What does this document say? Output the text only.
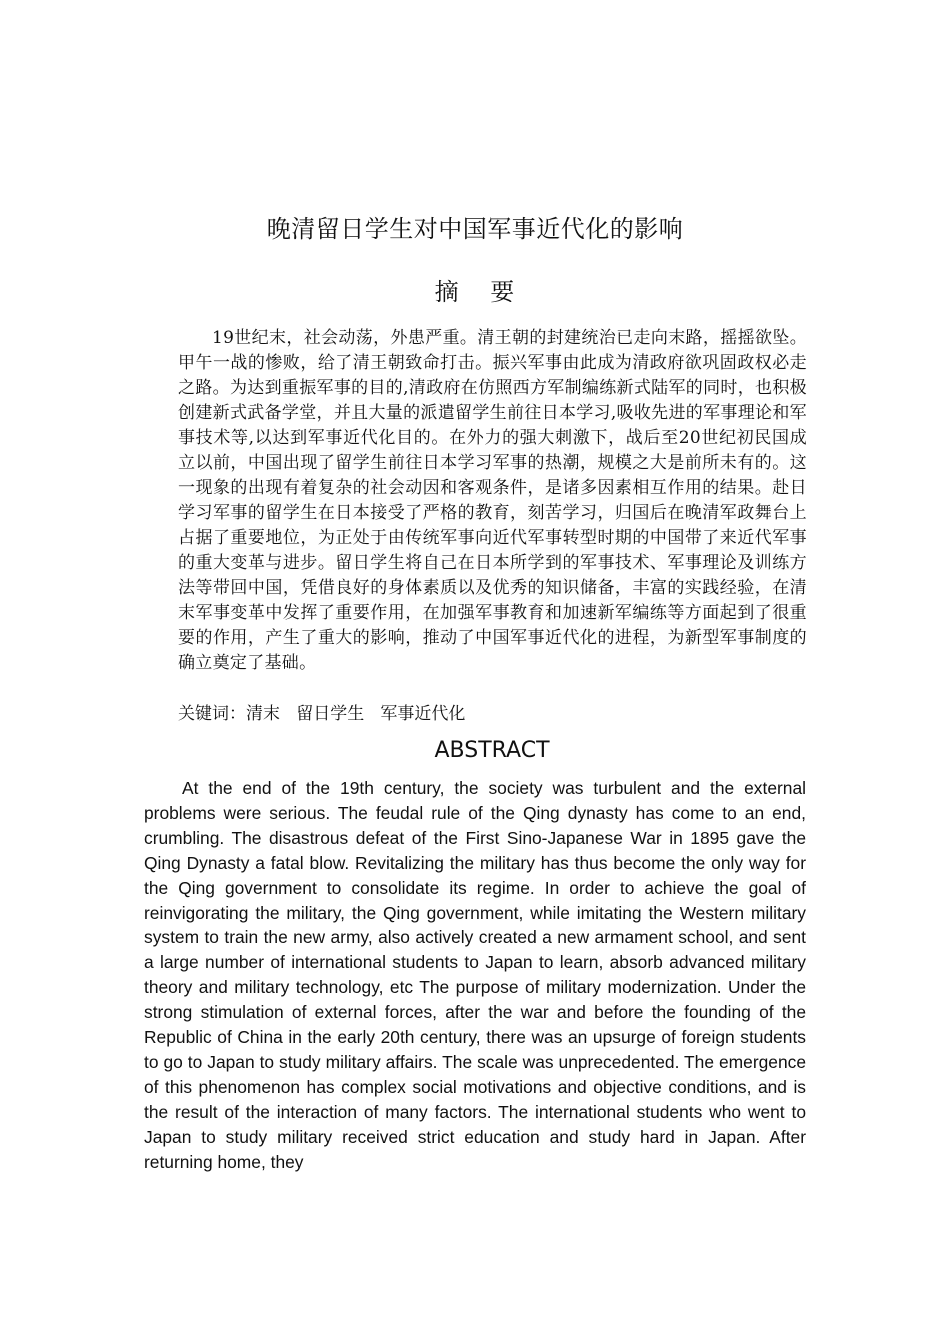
晚清留日学生对中国军事近代化的影响
摘 要

19世纪末，社会动荡，外患严重。清王朝的封建统治已走向末路，摇摇欲坠。甲午一战的惨败，给了清王朝致命打击。振兴军事由此成为清政府欲巩固政权必走之路。为达到重振军事的目的,清政府在仿照西方军制编练新式陆军的同时，也积极创建新式武备学堂，并且大量的派遣留学生前往日本学习,吸收先进的军事理论和军事技术等,以达到军事近代化目的。在外力的强大刺激下，战后至20世纪初民国成立以前，中国出现了留学生前往日本学习军事的热潮，规模之大是前所未有的。这一现象的出现有着复杂的社会动因和客观条件，是诸多因素相互作用的结果。赴日学习军事的留学生在日本接受了严格的教育，刻苦学习，归国后在晚清军政舞台上占据了重要地位，为正处于由传统军事向近代军事转型时期的中国带了来近代军事的重大变革与进步。留日学生将自己在日本所学到的军事技术、军事理论及训练方法等带回中国，凭借良好的身体素质以及优秀的知识储备，丰富的实践经验，在清末军事变革中发挥了重要作用，在加强军事教育和加速新军编练等方面起到了很重要的作用，产生了重大的影响，推动了中国军事近代化的进程，为新型军事制度的确立奠定了基础。

关键词：清末   留日学生   军事近代化
ABSTRACT

At the end of the 19th century, the society was turbulent and the external problems were serious. The feudal rule of the Qing dynasty has come to an end, crumbling. The disastrous defeat of the First Sino-Japanese War in 1895 gave the Qing Dynasty a fatal blow. Revitalizing the military has thus become the only way for the Qing government to consolidate its regime. In order to achieve the goal of reinvigorating the military, the Qing government, while imitating the Western military system to train the new army, also actively created a new armament school, and sent a large number of international students to Japan to learn, absorb advanced military theory and military technology, etc The purpose of military modernization. Under the strong stimulation of external forces, after the war and before the founding of the Republic of China in the early 20th century, there was an upsurge of foreign students to go to Japan to study military affairs. The scale was unprecedented. The emergence of this phenomenon has complex social motivations and objective conditions, and is the result of the interaction of many factors. The international students who went to Japan to study military received strict education and study hard in Japan. After returning home, they
